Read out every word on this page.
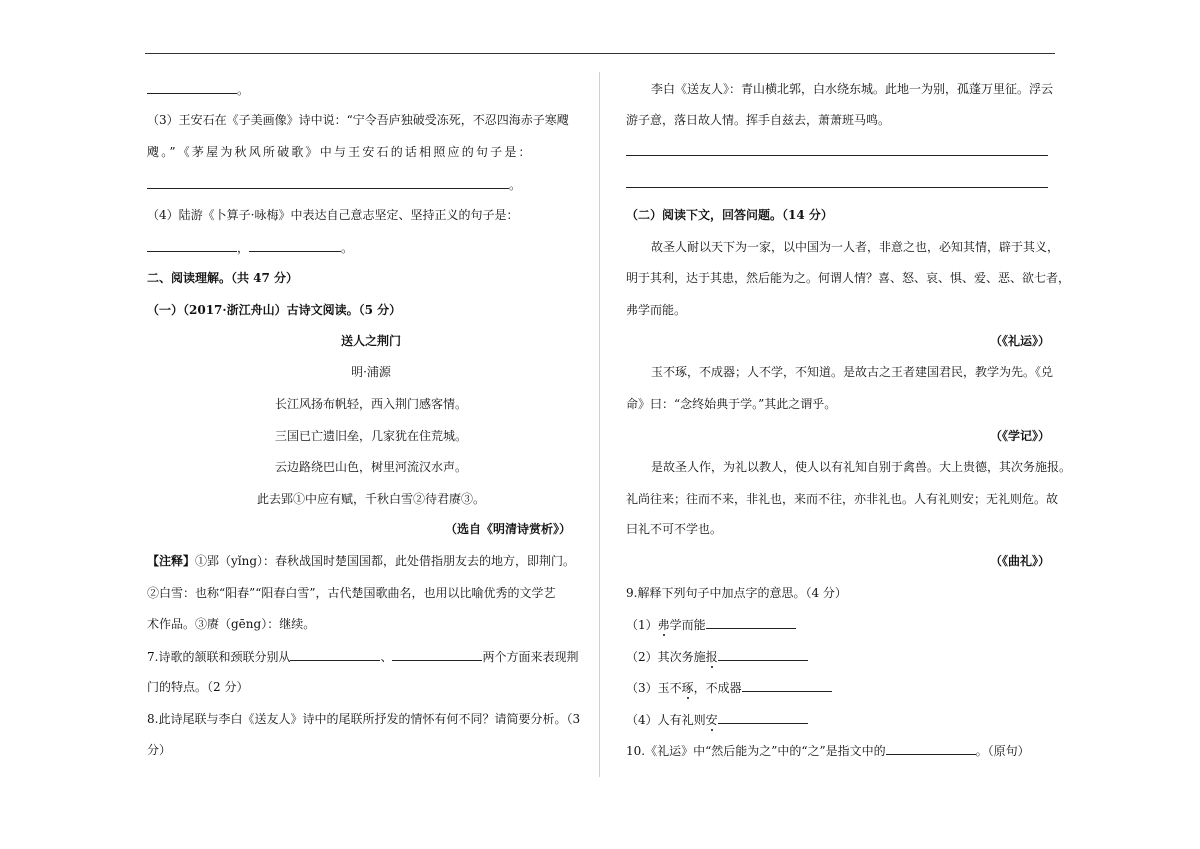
。
（3）王安石在《子美画像》诗中说：“宁令吾庐独破受冻死，不忍四海赤子寒飕
飕。”《茅屋为秋风所破歌》中与王安石的话相照应的句子是：
。
（4）陆游《卜算子·咏梅》中表达自己意志坚定、坚持正义的句子是：
，	。
二、阅读理解。（共 47 分）
（一）（2017·浙江舟山）古诗文阅读。（5 分）
送人之荆门
明·浦源
长江风扬布帆轻，西入荆门感客情。
三国已亡遗旧垒，几家犹在住荒城。
云边路绕巴山色，树里河流汉水声。
此去郢①中应有赋，千秋白雪②待君赓③。
（选自《明清诗赏析》）
【注释】①郢（yǐng）：春秋战国时楚国国都，此处借指朋友去的地方，即荆门。
②白雪：也称“阳春”“阳春白雪”，古代楚国歌曲名，也用以比喻优秀的文学艺
术作品。③赓（gēng）：继续。
7.诗歌的颔联和颈联分别从	、	两个方面来表现荆
门的特点。（2 分）
8.此诗尾联与李白《送友人》诗中的尾联所抒发的情怀有何不同？请简要分析。（3
分）
李白《送友人》：青山横北郭，白水绕东城。此地一为别，孤蓬万里征。浮云
游子意，落日故人情。挥手自兹去，萧萧班马鸣。
（二）阅读下文，回答问题。（14 分）
故圣人耐以天下为一家，以中国为一人者，非意之也，必知其情，辟于其义，
明于其利，达于其患，然后能为之。何谓人情？喜、怒、哀、惧、爱、恶、欲七者，
弗学而能。
（《礼运》）
玉不琢，不成器；人不学，不知道。是故古之王者建国君民，教学为先。《兑
命》曰：“念终始典于学。”其此之谓乎。
（《学记》）
是故圣人作，为礼以教人，使人以有礼知自别于禽兽。大上贵德，其次务施报。
礼尚往来；往而不来，非礼也，来而不往，亦非礼也。人有礼则安；无礼则危。故
曰礼不可不学也。
（《曲礼》）
9.解释下列句子中加点字的意思。（4 分）
（1）弗学而能
（2）其次务施报
（3）玉不琢，不成器
（4）人有礼则安
10.《礼运》中“然后能为之”中的“之”是指文中的	。（原句）
